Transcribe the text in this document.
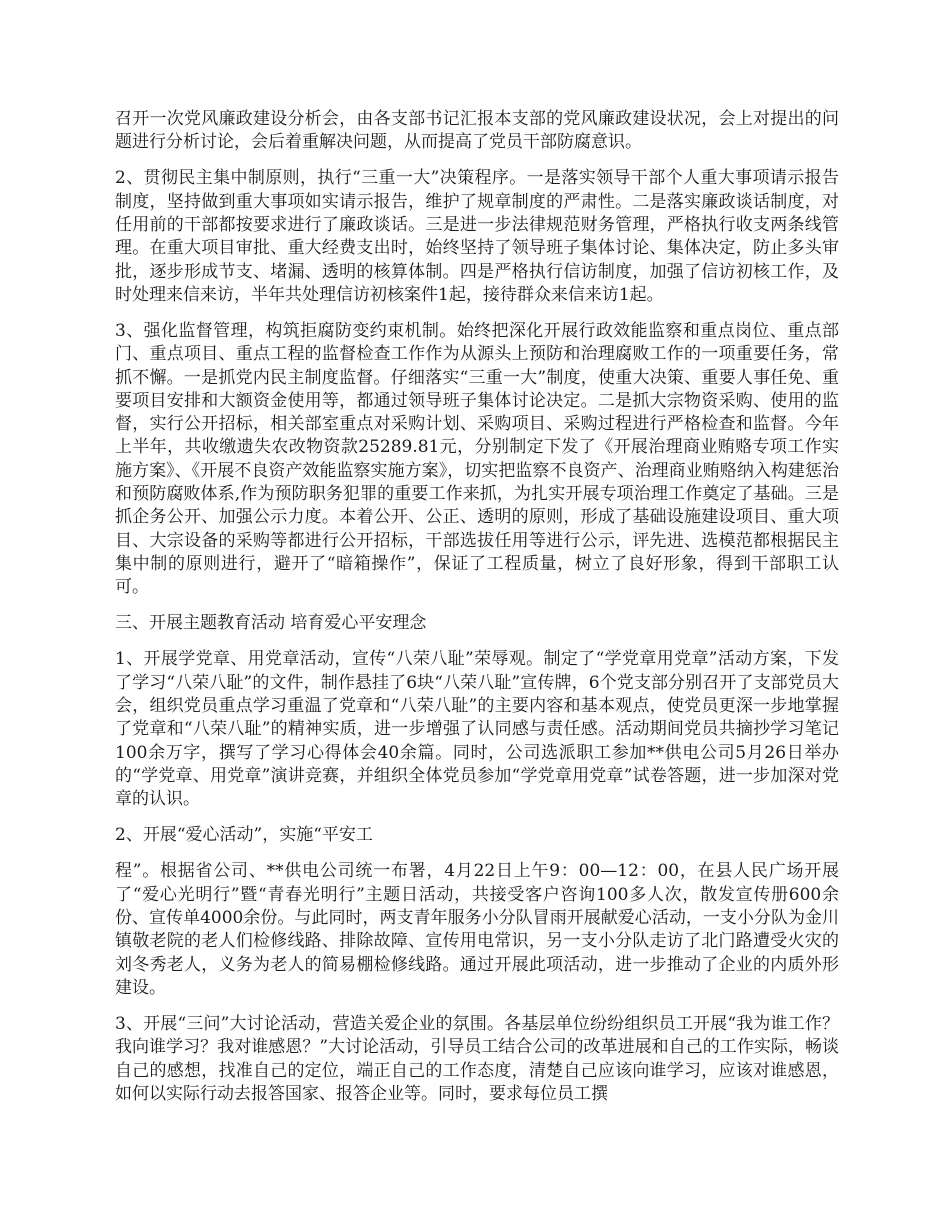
召开一次党风廉政建设分析会，由各支部书记汇报本支部的党风廉政建设状况，会上对提出的问题进行分析讨论，会后着重解决问题，从而提高了党员干部防腐意识。

2、贯彻民主集中制原则，执行“三重一大”决策程序。一是落实领导干部个人重大事项请示报告制度，坚持做到重大事项如实请示报告，维护了规章制度的严肃性。二是落实廉政谈话制度，对任用前的干部都按要求进行了廉政谈话。三是进一步法律规范财务管理，严格执行收支两条线管理。在重大项目审批、重大经费支出时，始终坚持了领导班子集体讨论、集体决定，防止多头审批，逐步形成节支、堵漏、透明的核算体制。四是严格执行信访制度，加强了信访初核工作，及时处理来信来访，半年共处理信访初核案件1起，接待群众来信来访1起。

3、强化监督管理，构筑拒腐防变约束机制。始终把深化开展行政效能监察和重点岗位、重点部门、重点项目、重点工程的监督检查工作作为从源头上预防和治理腐败工作的一项重要任务，常抓不懈。一是抓党内民主制度监督。仔细落实“三重一大”制度，使重大决策、重要人事任免、重要项目安排和大额资金使用等，都通过领导班子集体讨论决定。二是抓大宗物资采购、使用的监督，实行公开招标，相关部室重点对采购计划、采购项目、采购过程进行严格检查和监督。今年上半年，共收缴遗失农改物资款25289.81元，分别制定下发了《开展治理商业贿赂专项工作实施方案》、《开展不良资产效能监察实施方案》，切实把监察不良资产、治理商业贿赂纳入构建惩治和预防腐败体系,作为预防职务犯罪的重要工作来抓，为扎实开展专项治理工作奠定了基础。三是抓企务公开、加强公示力度。本着公开、公正、透明的原则，形成了基础设施建设项目、重大项目、大宗设备的采购等都进行公开招标，干部选拔任用等进行公示，评先进、选模范都根据民主集中制的原则进行，避开了“暗箱操作”，保证了工程质量，树立了良好形象，得到干部职工认可。

三、开展主题教育活动 培育爱心平安理念

1、开展学党章、用党章活动，宣传“八荣八耻”荣辱观。制定了“学党章用党章”活动方案，下发了学习“八荣八耻”的文件，制作悬挂了6块“八荣八耻”宣传牌，6个党支部分别召开了支部党员大会，组织党员重点学习重温了党章和“八荣八耻”的主要内容和基本观点，使党员更深一步地掌握了党章和“八荣八耻”的精神实质，进一步增强了认同感与责任感。活动期间党员共摘抄学习笔记100余万字，撰写了学习心得体会40余篇。同时，公司选派职工参加**供电公司5月26日举办的“学党章、用党章”演讲竞赛，并组织全体党员参加“学党章用党章”试卷答题，进一步加深对党章的认识。

2、开展“爱心活动”，实施“平安工

程”。根据省公司、**供电公司统一布署，4月22日上午9：00—12：00，在县人民广场开展了“爱心光明行”暨“青春光明行”主题日活动，共接受客户咨询100多人次，散发宣传册600余份、宣传单4000余份。与此同时，两支青年服务小分队冒雨开展献爱心活动，一支小分队为金川镇敬老院的老人们检修线路、排除故障、宣传用电常识，另一支小分队走访了北门路遭受火灾的刘冬秀老人，义务为老人的简易棚检修线路。通过开展此项活动，进一步推动了企业的内质外形建设。

3、开展“三问”大讨论活动，营造关爱企业的氛围。各基层单位纷纷组织员工开展“我为谁工作？我向谁学习？我对谁感恩？”大讨论活动，引导员工结合公司的改革进展和自己的工作实际，畅谈自己的感想，找准自己的定位，端正自己的工作态度，清楚自己应该向谁学习，应该对谁感恩，如何以实际行动去报答国家、报答企业等。同时，要求每位员工撰
